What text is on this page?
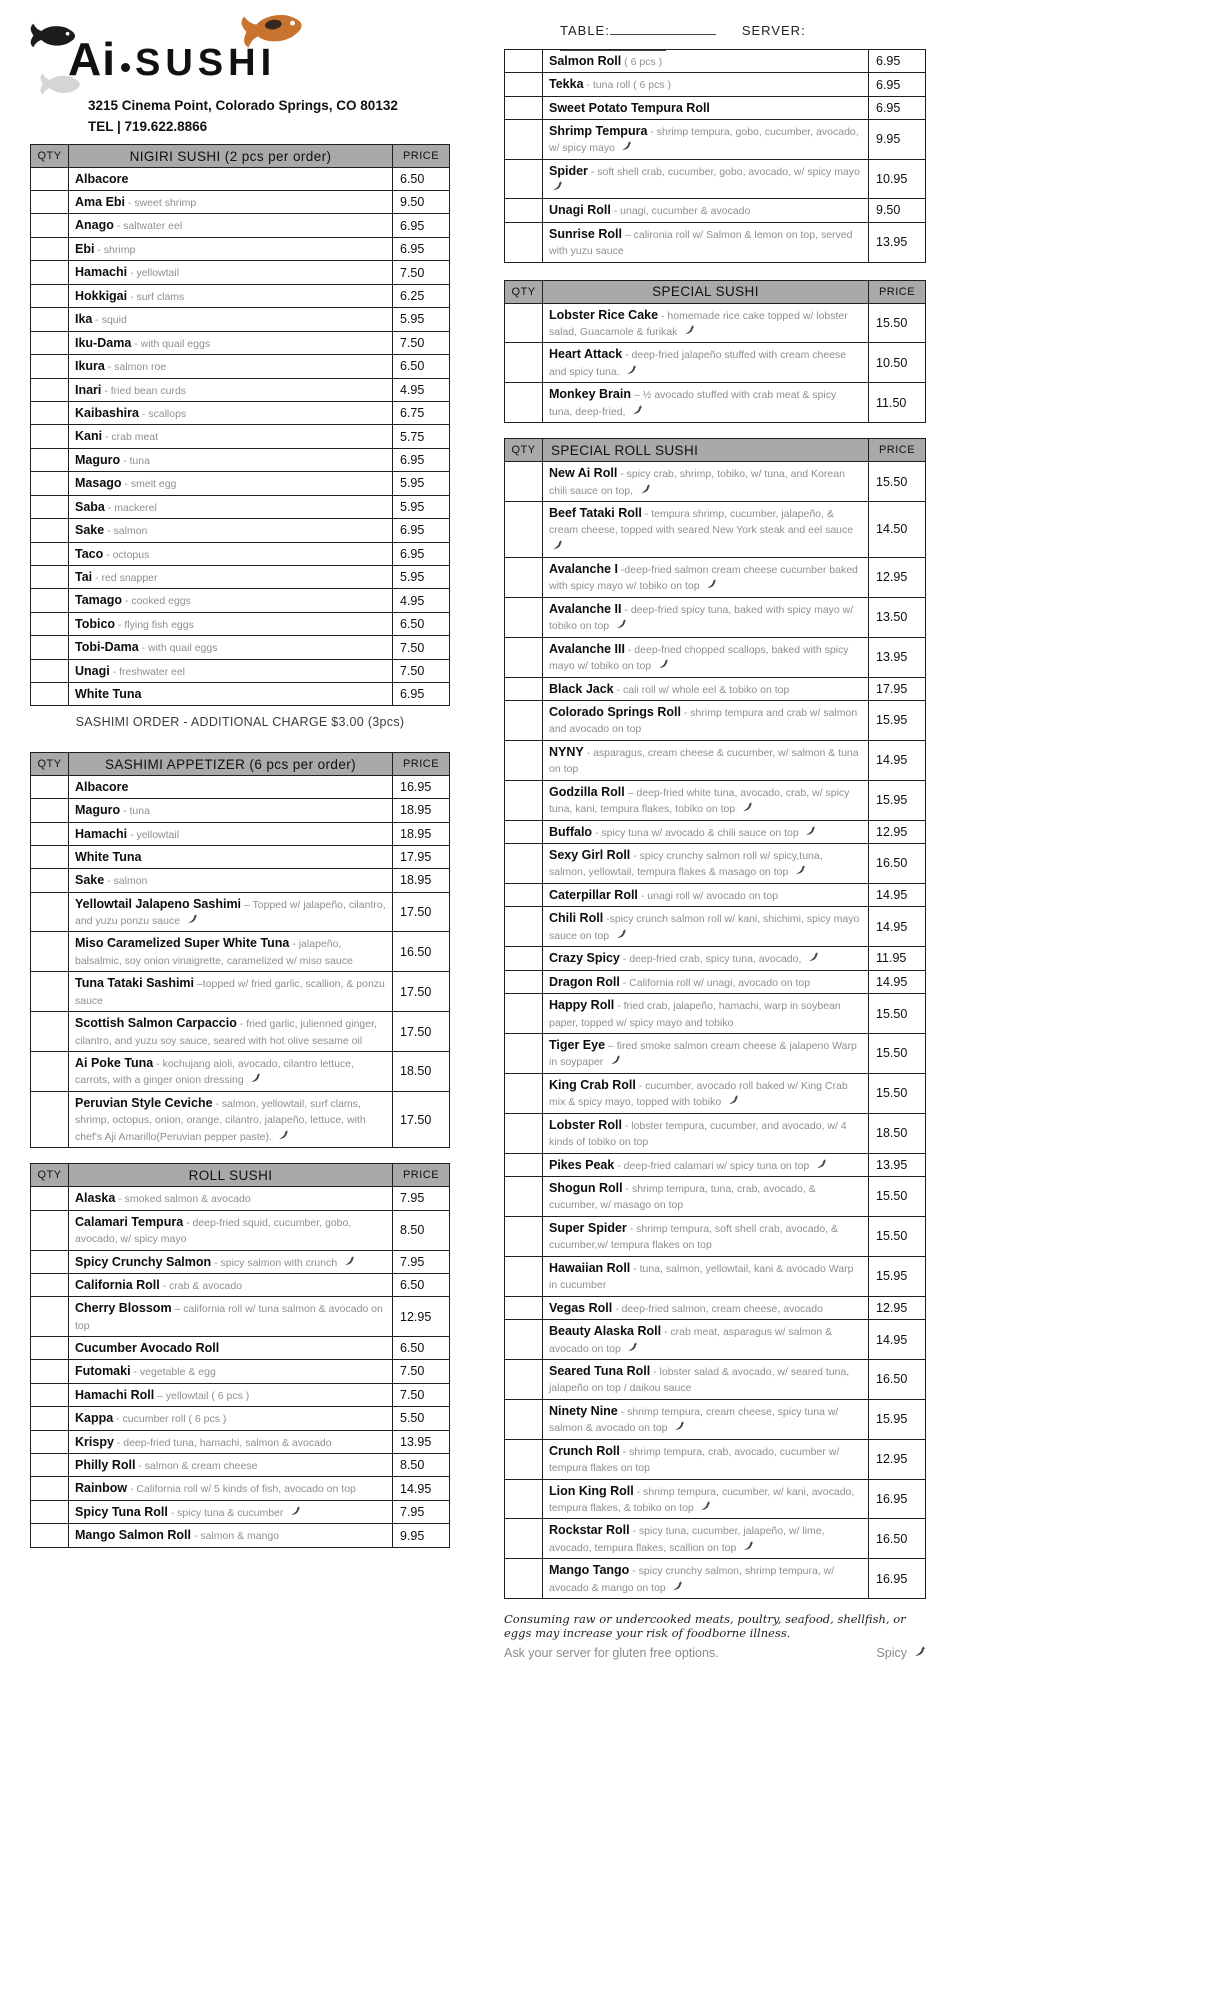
Ai SUSHI
3215 Cinema Point, Colorado Springs, CO 80132
TEL | 719.622.8866
QTY	NIGIRI SUSHI (2 pcs per order)	PRICE
	Albacore	6.50
	Ama Ebi - sweet shrimp	9.50
	Anago - saltwater eel	6.95
	Ebi - shrimp	6.95
	Hamachi - yellowtail	7.50
	Hokkigai - surf clams	6.25
	Ika - squid	5.95
	Iku-Dama - with quail eggs	7.50
	Ikura - salmon roe	6.50
	Inari - fried bean curds	4.95
	Kaibashira - scallops	6.75
	Kani - crab meat	5.75
	Maguro - tuna	6.95
	Masago - smelt egg	5.95
	Saba - mackerel	5.95
	Sake - salmon	6.95
	Taco - octopus	6.95
	Tai - red snapper	5.95
	Tamago - cooked eggs	4.95
	Tobico - flying fish eggs	6.50
	Tobi-Dama - with quail eggs	7.50
	Unagi - freshwater eel	7.50
	White Tuna	6.95
SASHIMI ORDER - ADDITIONAL CHARGE $3.00 (3pcs)
QTY	SASHIMI APPETIZER (6 pcs per order)	PRICE
	Albacore	16.95
	Maguro - tuna	18.95
	Hamachi - yellowtail	18.95
	White Tuna	17.95
	Sake - salmon	18.95
	Yellowtail Jalapeno Sashimi – Topped w/ jalapeño, cilantro, and yuzu ponzu sauce	17.50
	Miso Caramelized Super White Tuna - jalapeño, balsalmic, soy onion vinaigrette, caramelized w/ miso sauce	16.50
	Tuna Tataki Sashimi –topped w/ fried garlic, scallion, & ponzu sauce	17.50
	Scottish Salmon Carpaccio - fried garlic, julienned ginger, cilantro, and yuzu soy sauce, seared with hot olive sesame oil	17.50
	Ai Poke Tuna - kochujang aioli, avocado, cilantro lettuce, carrots, with a ginger onion dressing	18.50
	Peruvian Style Ceviche - salmon, yellowtail, surf clams, shrimp, octopus, onion, orange, cilantro, jalapeño, lettuce, with chef's Aji Amarillo(Peruvian pepper paste).	17.50
QTY	ROLL SUSHI	PRICE
	Alaska - smoked salmon & avocado	7.95
	Calamari Tempura - deep-fried squid, cucumber, gobo, avocado, w/ spicy mayo	8.50
	Spicy Crunchy Salmon - spicy salmon with crunch	7.95
	California Roll - crab & avocado	6.50
	Cherry Blossom – california roll w/ tuna salmon & avocado on top	12.95
	Cucumber Avocado Roll	6.50
	Futomaki - vegetable & egg	7.50
	Hamachi Roll – yellowtail ( 6 pcs )	7.50
	Kappa - cucumber roll ( 6 pcs )	5.50
	Krispy - deep-fried tuna, hamachi, salmon & avocado	13.95
	Philly Roll - salmon & cream cheese	8.50
	Rainbow - California roll w/ 5 kinds of fish, avocado on top	14.95
	Spicy Tuna Roll - spicy tuna & cucumber	7.95
	Mango Salmon Roll - salmon & mango	9.95
TABLE:	SERVER:
	Salmon Roll ( 6 pcs )	6.95
	Tekka - tuna roll ( 6 pcs )	6.95
	Sweet Potato Tempura Roll	6.95
	Shrimp Tempura - shrimp tempura, gobo, cucumber, avocado, w/ spicy mayo	9.95
	Spider - soft shell crab, cucumber, gobo, avocado, w/ spicy mayo	10.95
	Unagi Roll - unagi, cucumber & avocado	9.50
	Sunrise Roll – calironia roll w/ Salmon & lemon on top, served with yuzu sauce	13.95
QTY	SPECIAL SUSHI	PRICE
	Lobster Rice Cake - homemade rice cake topped w/ lobster salad, Guacamole & furikak	15.50
	Heart Attack - deep-fried jalapeño stuffed with cream cheese and spicy tuna.	10.50
	Monkey Brain – ½ avocado stuffed with crab meat & spicy tuna, deep-fried,	11.50
QTY	SPECIAL ROLL SUSHI	PRICE
	New Ai Roll - spicy crab, shrimp, tobiko, w/ tuna, and Korean chili sauce on top,	15.50
	Beef Tataki Roll - tempura shrimp, cucumber, jalapeño, & cream cheese, topped with seared New York steak and eel sauce	14.50
	Avalanche I -deep-fried salmon cream cheese cucumber baked with spicy mayo w/ tobiko on top	12.95
	Avalanche II - deep-fried spicy tuna, baked with spicy mayo w/ tobiko on top	13.50
	Avalanche III - deep-fried chopped scallops, baked with spicy mayo w/ tobiko on top	13.95
	Black Jack - cali roll w/ whole eel & tobiko on top	17.95
	Colorado Springs Roll - shrimp tempura and crab w/ salmon and avocado on top	15.95
	NYNY - asparagus, cream cheese & cucumber, w/ salmon & tuna on top	14.95
	Godzilla Roll – deep-fried white tuna, avocado, crab, w/ spicy tuna, kani, tempura flakes, tobiko on top	15.95
	Buffalo - spicy tuna w/ avocado & chili sauce on top	12.95
	Sexy Girl Roll - spicy crunchy salmon roll w/ spicy,tuna, salmon, yellowtail, tempura flakes & masago on top	16.50
	Caterpillar Roll - unagi roll w/ avocado on top	14.95
	Chili Roll -spicy crunch salmon roll w/ kani, shichimi, spicy mayo sauce on top	14.95
	Crazy Spicy - deep-fried crab, spicy tuna, avocado,	11.95
	Dragon Roll - California roll w/ unagi, avocado on top	14.95
	Happy Roll - fried crab, jalapeño, hamachi, warp in soybean paper, topped w/ spicy mayo and tobiko	15.50
	Tiger Eye – fired smoke salmon cream cheese & jalapeno Warp in soypaper	15.50
	King Crab Roll - cucumber, avocado roll baked w/ King Crab mix & spicy mayo, topped with tobiko	15.50
	Lobster Roll - lobster tempura, cucumber, and avocado, w/ 4 kinds of tobiko on top	18.50
	Pikes Peak - deep-fried calamari w/ spicy tuna on top	13.95
	Shogun Roll - shrimp tempura, tuna, crab, avocado, & cucumber, w/ masago on top	15.50
	Super Spider - shrimp tempura, soft shell crab, avocado, & cucumber,w/ tempura flakes on top	15.50
	Hawaiian Roll - tuna, salmon, yellowtail, kani & avocado Warp in cucumber	15.95
	Vegas Roll - deep-fried salmon, cream cheese, avocado	12.95
	Beauty Alaska Roll - crab meat, asparagus w/ salmon & avocado on top	14.95
	Seared Tuna Roll - lobster salad & avocado, w/ seared tuna, jalapeño on top / daikou sauce	16.50
	Ninety Nine - shrimp tempura, cream cheese, spicy tuna w/ salmon & avocado on top	15.95
	Crunch Roll - shrimp tempura, crab, avocado, cucumber w/ tempura flakes on top	12.95
	Lion King Roll - shrimp tempura, cucumber, w/ kani, avocado, tempura flakes, & tobiko on top	16.95
	Rockstar Roll - spicy tuna, cucumber, jalapeño, w/ lime, avocado, tempura flakes, scallion on top	16.50
	Mango Tango - spicy crunchy salmon, shrimp tempura, w/ avocado & mango on top	16.95
Consuming raw or undercooked meats, poultry, seafood, shellfish, or eggs may increase your risk of foodborne illness.
Ask your server for gluten free options.	Spicy
